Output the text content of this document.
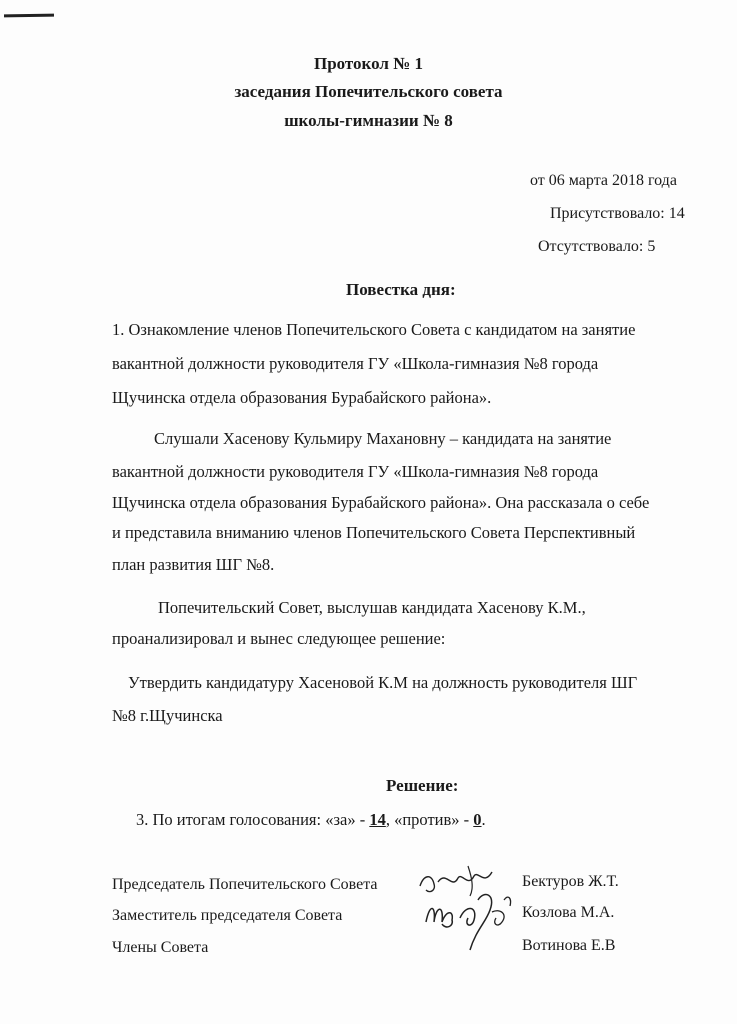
Протокол № 1
заседания Попечительского совета
школы-гимназии № 8
от 06 марта 2018 года
Присутствовало: 14
Отсутствовало: 5
Повестка дня:
1. Ознакомление членов Попечительского Совета с кандидатом на занятие
вакантной должности руководителя ГУ «Школа-гимназия №8 города
Щучинска отдела образования Бурабайского района».
Слушали Хасенову Кульмиру Махановну – кандидата на занятие
вакантной должности руководителя ГУ «Школа-гимназия №8 города
Щучинска отдела образования Бурабайского района». Она рассказала о себе
и представила вниманию членов Попечительского Совета Перспективный
план развития ШГ №8.
Попечительский Совет, выслушав кандидата Хасенову К.М.,
проанализировал и вынес следующее решение:
Утвердить кандидатуру Хасеновой К.М на должность руководителя ШГ
№8 г.Щучинска
Решение:
3. По итогам голосования: «за» - 14, «против» - 0.
Председатель Попечительского Совета
Заместитель председателя Совета
Члены Совета
Бектуров Ж.Т.
Козлова М.А.
Вотинова Е.В
